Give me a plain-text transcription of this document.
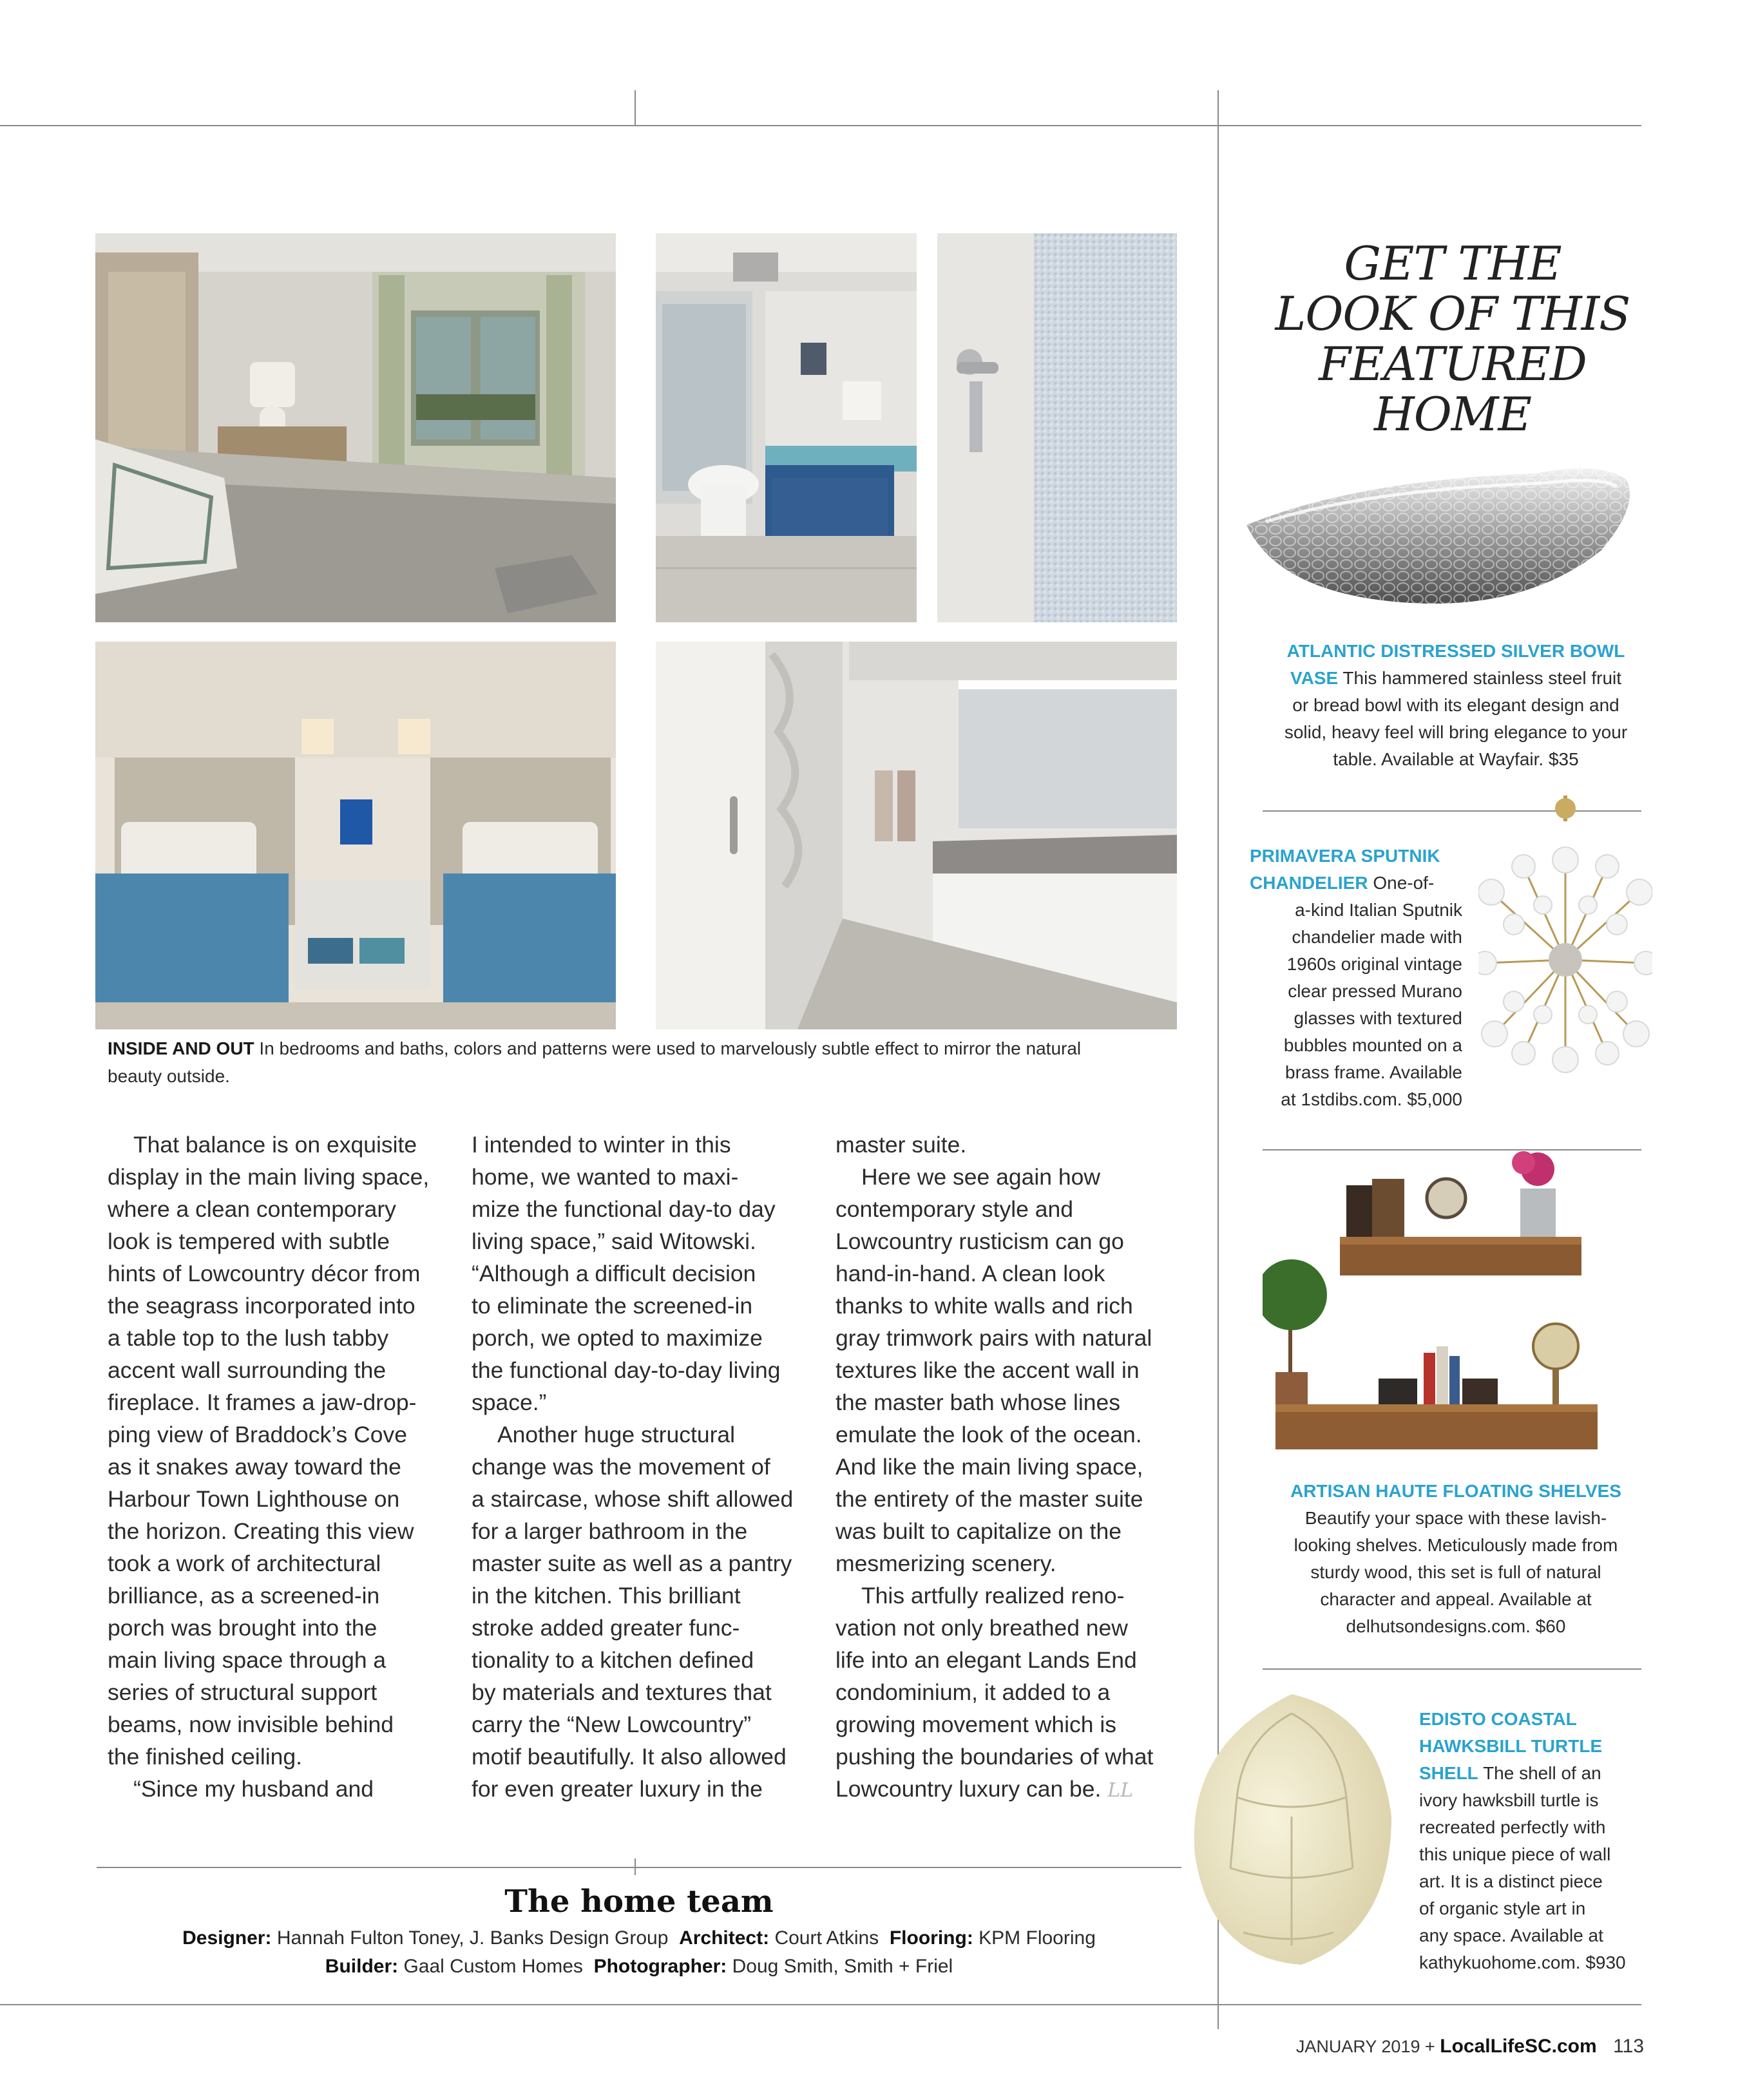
INSIDE AND OUT In bedrooms and baths, colors and patterns were used to marvelously subtle effect to mirror the natural
beauty outside.

That balance is on exquisite

display in the main living space,

where a clean contemporary

look is tempered with subtle

hints of Lowcountry décor from

the seagrass incorporated into

a table top to the lush tabby

accent wall surrounding the

fireplace. It frames a jaw-drop-

ping view of Braddock’s Cove

as it snakes away toward the

Harbour Town Lighthouse on

the horizon. Creating this view

took a work of architectural

brilliance, as a screened-in

porch was brought into the

main living space through a

series of structural support

beams, now invisible behind

the finished ceiling.

“Since my husband and

I intended to winter in this

home, we wanted to maxi-

mize the functional day-to day

living space,” said Witowski.

“Although a difficult decision

to eliminate the screened-in

porch, we opted to maximize

the functional day-to-day living

space.”

Another huge structural

change was the movement of

a staircase, whose shift allowed

for a larger bathroom in the

master suite as well as a pantry

in the kitchen. This brilliant

stroke added greater func-

tionality to a kitchen defined

by materials and textures that

carry the “New Lowcountry”

motif beautifully. It also allowed

for even greater luxury in the

master suite.

Here we see again how

contemporary style and

Lowcountry rusticism can go

hand-in-hand. A clean look

thanks to white walls and rich

gray trimwork pairs with natural

textures like the accent wall in

the master bath whose lines

emulate the look of the ocean.

And like the main living space,

the entirety of the master suite

was built to capitalize on the

mesmerizing scenery.

This artfully realized reno-

vation not only breathed new

life into an elegant Lands End

condominium, it added to a

growing movement which is

pushing the boundaries of what

Lowcountry luxury can be. LL

The home team
Designer: Hannah Fulton Toney, J. Banks Design Group Architect: Court Atkins Flooring: KPM Flooring
Builder: Gaal Custom Homes Photographer: Doug Smith, Smith + Friel
GET THE
LOOK OF THIS
FEATURED
HOME
ATLANTIC DISTRESSED SILVER BOWL
VASE This hammered stainless steel fruit
or bread bowl with its elegant design and
solid, heavy feel will bring elegance to your
table. Available at Wayfair. $35
PRIMAVERA SPUTNIK
CHANDELIER One-of-
a-kind Italian Sputnik
chandelier made with
1960s original vintage
clear pressed Murano
glasses with textured
bubbles mounted on a
brass frame. Available
at 1stdibs.com. $5,000
ARTISAN HAUTE FLOATING SHELVES
Beautify your space with these lavish-
looking shelves. Meticulously made from
sturdy wood, this set is full of natural
character and appeal. Available at
delhutsondesigns.com. $60
EDISTO COASTAL
HAWKSBILL TURTLE
SHELL The shell of an
ivory hawksbill turtle is
recreated perfectly with
this unique piece of wall
art. It is a distinct piece
of organic style art in
any space. Available at
kathykuohome.com. $930
JANUARY 2019 + LocalLifeSC.com 113
